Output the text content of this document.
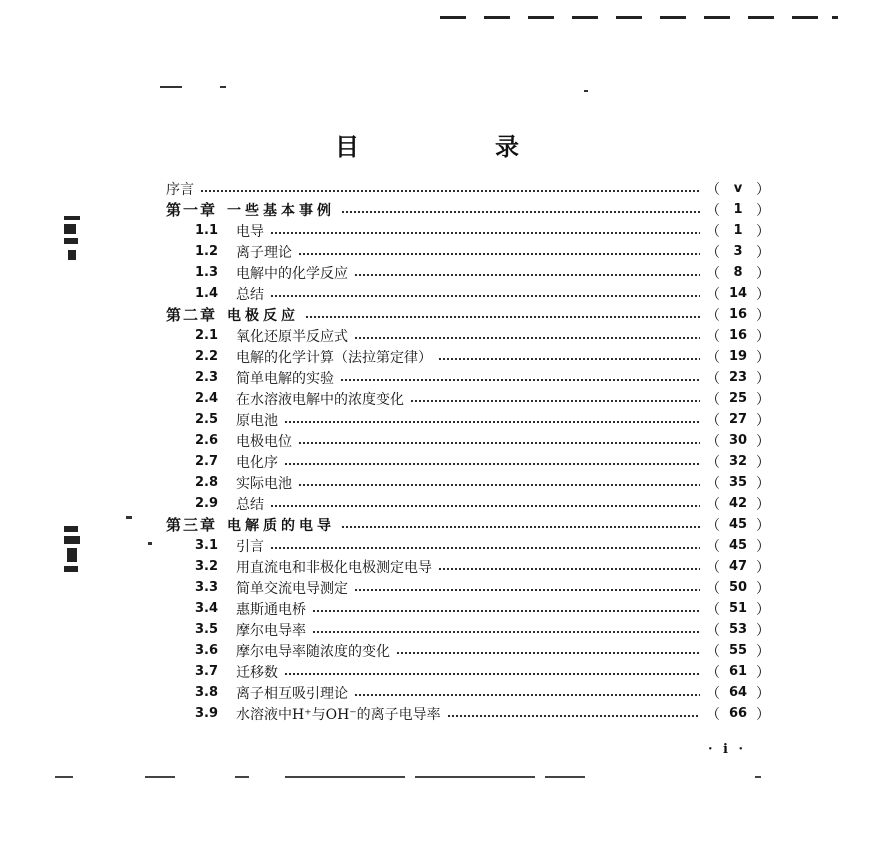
目　录
序言	（	v ）
第一章 一些基本事例	（	1 ）
1.1	电导	（	1 ）
1.2	离子理论	（	3 ）
1.3	电解中的化学反应	（	8 ）
1.4	总结	（ 14 ）
第二章 电极反应	（ 16 ）
2.1	氧化还原半反应式	（ 16 ）
2.2	电解的化学计算（法拉第定律）	（ 19 ）
2.3	简单电解的实验	（ 23 ）
2.4	在水溶液电解中的浓度变化	（ 25 ）
2.5	原电池	（ 27 ）
2.6	电极电位	（ 30 ）
2.7	电化序	（ 32 ）
2.8	实际电池	（ 35 ）
2.9	总结	（ 42 ）
第三章 电解质的电导	（ 45 ）
3.1	引言	（ 45 ）
3.2	用直流电和非极化电极测定电导	（ 47 ）
3.3	简单交流电导测定	（ 50 ）
3.4	惠斯通电桥	（ 51 ）
3.5	摩尔电导率	（ 53 ）
3.6	摩尔电导率随浓度的变化	（ 55 ）
3.7	迁移数	（ 61 ）
3.8	离子相互吸引理论	（ 64 ）
3.9	水溶液中H⁺与OH⁻的离子电导率	（ 66 ）
· i ·
